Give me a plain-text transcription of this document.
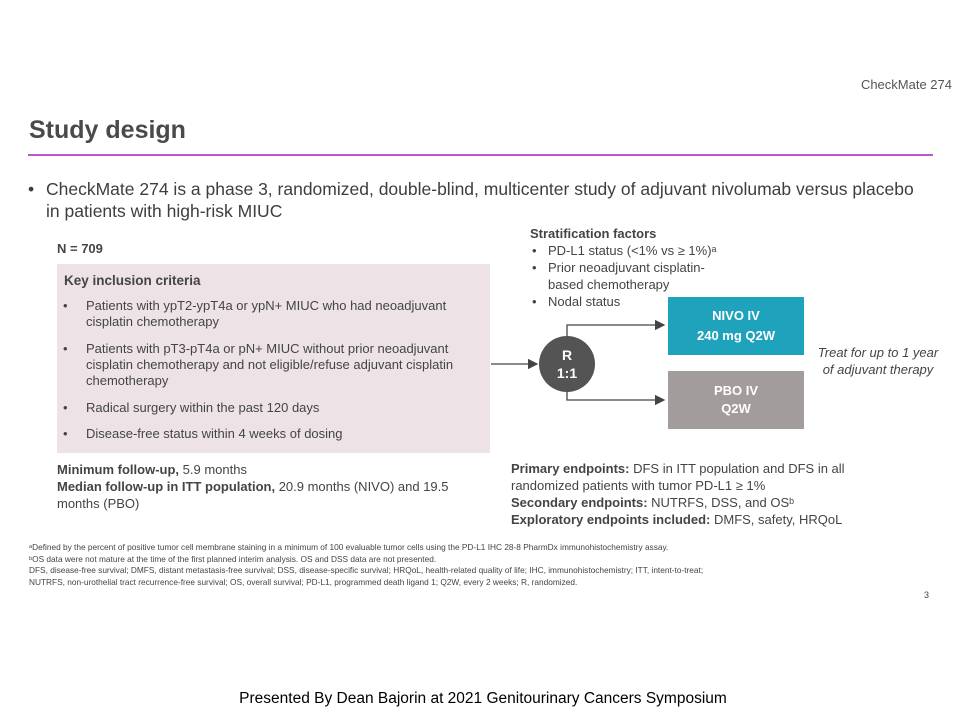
CheckMate 274
Study design
• CheckMate 274 is a phase 3, randomized, double-blind, multicenter study of adjuvant nivolumab versus placebo in patients with high-risk MIUC
N = 709
Key inclusion criteria
• Patients with ypT2-ypT4a or ypN+ MIUC who had neoadjuvant cisplatin chemotherapy
• Patients with pT3-pT4a or pN+ MIUC without prior neoadjuvant cisplatin chemotherapy and not eligible/refuse adjuvant cisplatin chemotherapy
• Radical surgery within the past 120 days
• Disease-free status within 4 weeks of dosing
Minimum follow-up, 5.9 months
Median follow-up in ITT population, 20.9 months (NIVO) and 19.5 months (PBO)
Stratification factors
• PD-L1 status (<1% vs ≥ 1%)ᵃ
• Prior neoadjuvant cisplatin-based chemotherapy
• Nodal status
R
1:1
NIVO IV
240 mg Q2W
PBO IV
Q2W
Treat for up to 1 year of adjuvant therapy
Primary endpoints: DFS in ITT population and DFS in all randomized patients with tumor PD-L1 ≥ 1%
Secondary endpoints: NUTRFS, DSS, and OSᵇ
Exploratory endpoints included: DMFS, safety, HRQoL
ᵃDefined by the percent of positive tumor cell membrane staining in a minimum of 100 evaluable tumor cells using the PD-L1 IHC 28-8 PharmDx immunohistochemistry assay.
ᵇOS data were not mature at the time of the first planned interim analysis. OS and DSS data are not presented.
DFS, disease-free survival; DMFS, distant metastasis-free survival; DSS, disease-specific survival; HRQoL, health-related quality of life; IHC, immunohistochemistry; ITT, intent-to-treat;
NUTRFS, non-urothelial tract recurrence-free survival; OS, overall survival; PD-L1, programmed death ligand 1; Q2W, every 2 weeks; R, randomized.
3
Presented By Dean Bajorin at 2021 Genitourinary Cancers Symposium
